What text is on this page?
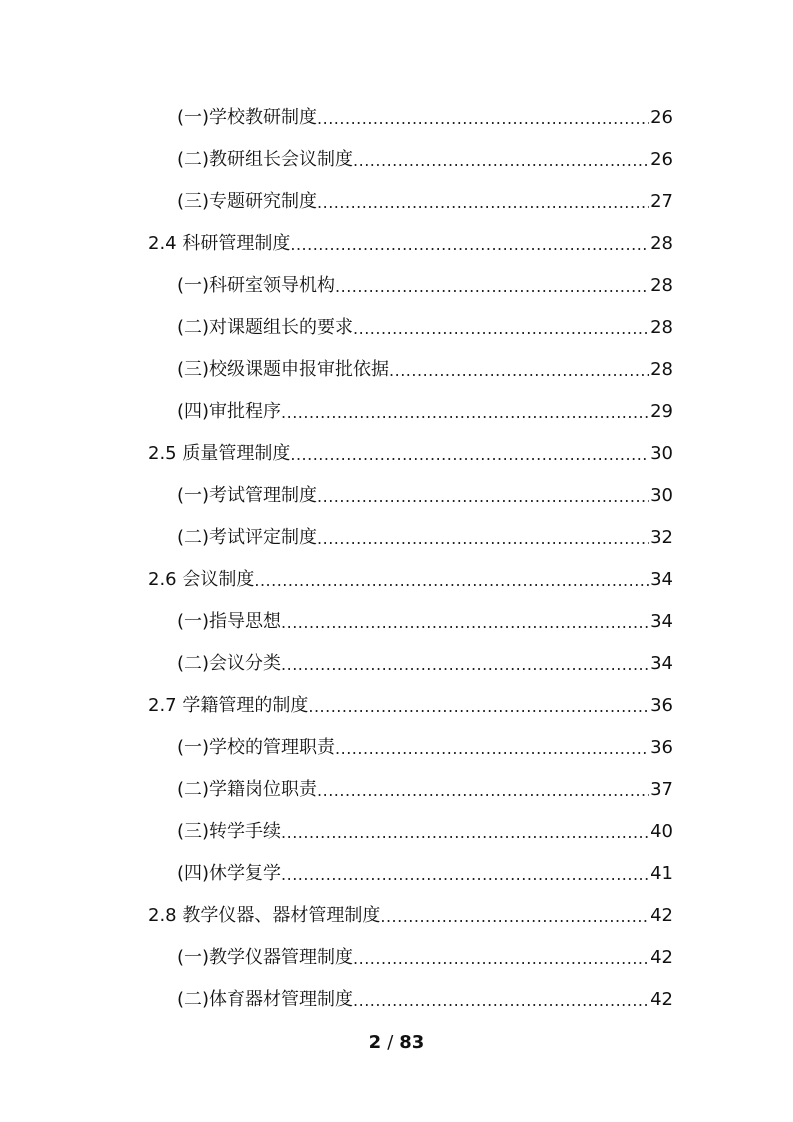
(一)学校教研制度 .....	26
(二)教研组长会议制度 .....	26
(三)专题研究制度 .....	27
2.4 科研管理制度 .....	28
(一)科研室领导机构 .....	28
(二)对课题组长的要求 .....	28
(三)校级课题申报审批依据 .....	28
(四)审批程序 .....	29
2.5 质量管理制度 .....	30
(一)考试管理制度 .....	30
(二)考试评定制度 .....	32
2.6 会议制度 .....	34
(一)指导思想 .....	34
(二)会议分类 .....	34
2.7 学籍管理的制度 .....	36
(一)学校的管理职责 .....	36
(二)学籍岗位职责 .....	37
(三)转学手续 .....	40
(四)休学复学 .....	41
2.8 教学仪器、器材管理制度 .....	42
(一)教学仪器管理制度 .....	42
(二)体育器材管理制度 .....	42
2 / 83
